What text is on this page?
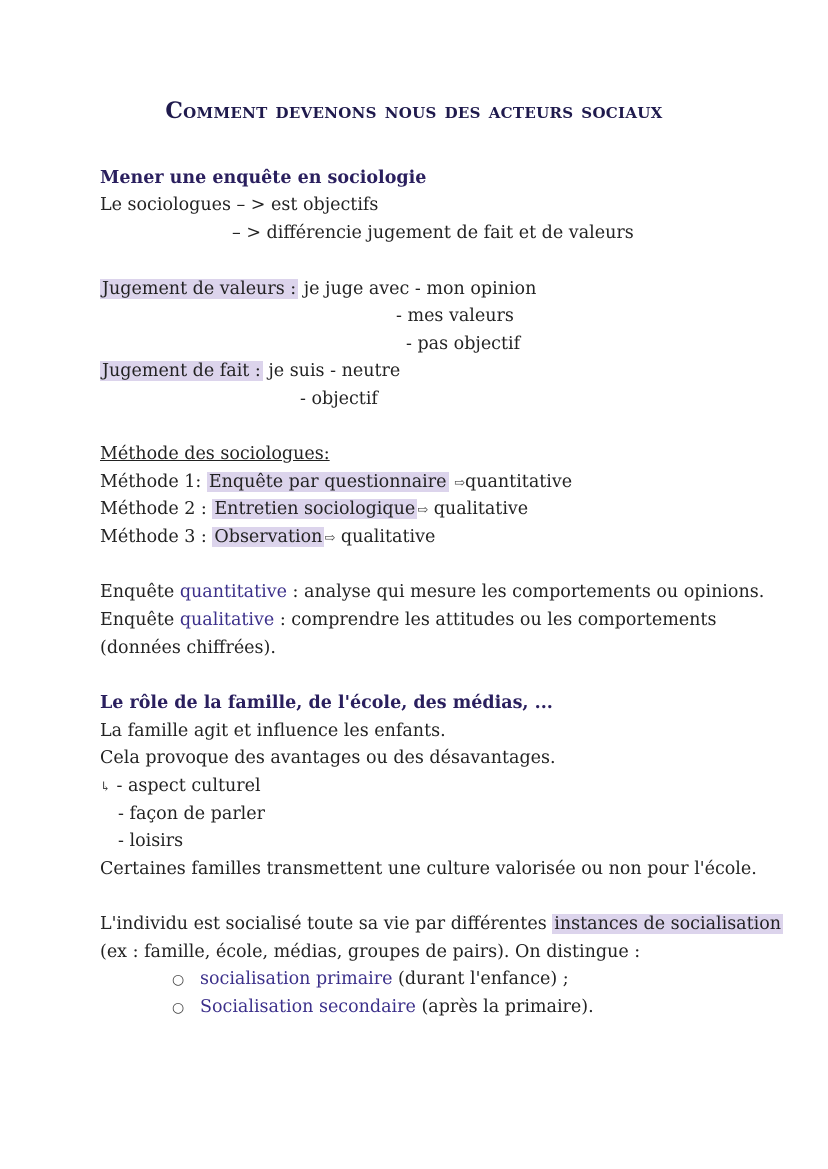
Comment devenons nous des acteurs sociaux
Mener une enquête en sociologie
Le sociologues – > est objectifs
– > différencie jugement de fait et de valeurs
Jugement de valeurs : je juge avec - mon opinion
- mes valeurs
- pas objectif
Jugement de fait : je suis - neutre
- objectif
Méthode des sociologues:
Méthode 1: Enquête par questionnaire ⇨quantitative
Méthode 2 : Entretien sociologique ⇨ qualitative
Méthode 3 : Observation ⇨ qualitative
Enquête quantitative : analyse qui mesure les comportements ou opinions.
Enquête qualitative : comprendre les attitudes ou les comportements
(données chiffrées).
Le rôle de la famille, de l'école, des médias, ...
La famille agit et influence les enfants.
Cela provoque des avantages ou des désavantages.
↳ - aspect culturel
- façon de parler
- loisirs
Certaines familles transmettent une culture valorisée ou non pour l'école.
L'individu est socialisé toute sa vie par différentes instances de socialisation
(ex : famille, école, médias, groupes de pairs). On distingue :
○ socialisation primaire (durant l'enfance) ;
○ Socialisation secondaire (après la primaire).
